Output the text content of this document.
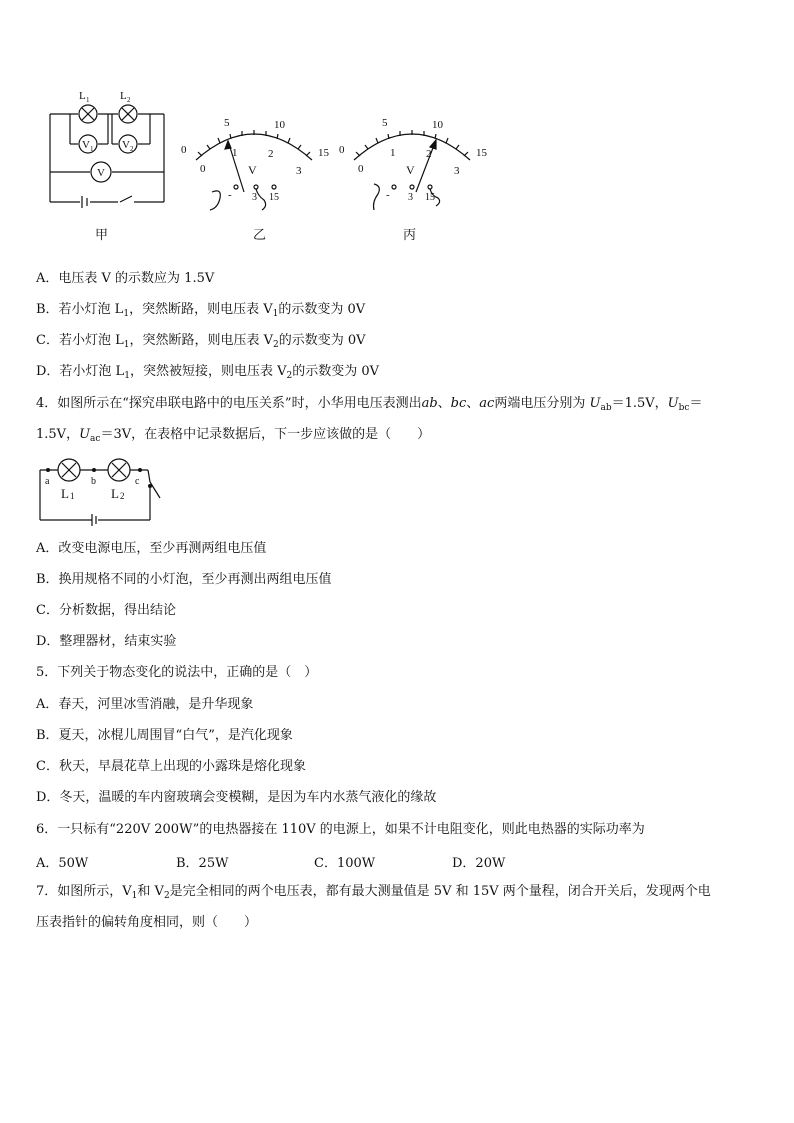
L 1	L 2
V 1	V 2
V
甲
0
5	10
15
0
1	2
3
V
- 3 15
乙
0
5	10
15
0
1	2
3
V
- 3 15
丙
A．电压表 V 的示数应为 1.5V
B．若小灯泡 $L_1$，突然断路，则电压表 $V_1$的示数变为 0V
C．若小灯泡 $L_1$，突然断路，则电压表 $V_2$的示数变为 0V
D．若小灯泡 $L_1$，突然被短接，则电压表 $V_2$的示数变为 0V
4．如图所示在“探究串联电路中的电压关系”时，小华用电压表测出ab、bc、ac两端电压分别为 $U_{ab}=1.5V$，$U_{bc}=$
1.5V，$U_{ac}=3V$，在表格中记录数据后，下一步应该做的是（　　）
a	b	c
L 1	L 2
A．改变电源电压，至少再测两组电压值
B．换用规格不同的小灯泡，至少再测出两组电压值
C．分析数据，得出结论
D．整理器材，结束实验
5．下列关于物态变化的说法中，正确的是（　）
A．春天，河里冰雪消融，是升华现象
B．夏天，冰棍儿周围冒“白气”，是汽化现象
C．秋天，早晨花草上出现的小露珠是熔化现象
D．冬天，温暖的车内窗玻璃会变模糊，是因为车内水蒸气液化的缘故
6．一只标有“220V 200W”的电热器接在 110V 的电源上，如果不计电阻变化，则此电热器的实际功率为
A．50W	B．25W	C．100W	D．20W
7．如图所示，$V_1$和 $V_2$是完全相同的两个电压表，都有最大测量值是 5V 和 15V 两个量程，闭合开关后，发现两个电
压表指针的偏转角度相同，则（　　）
